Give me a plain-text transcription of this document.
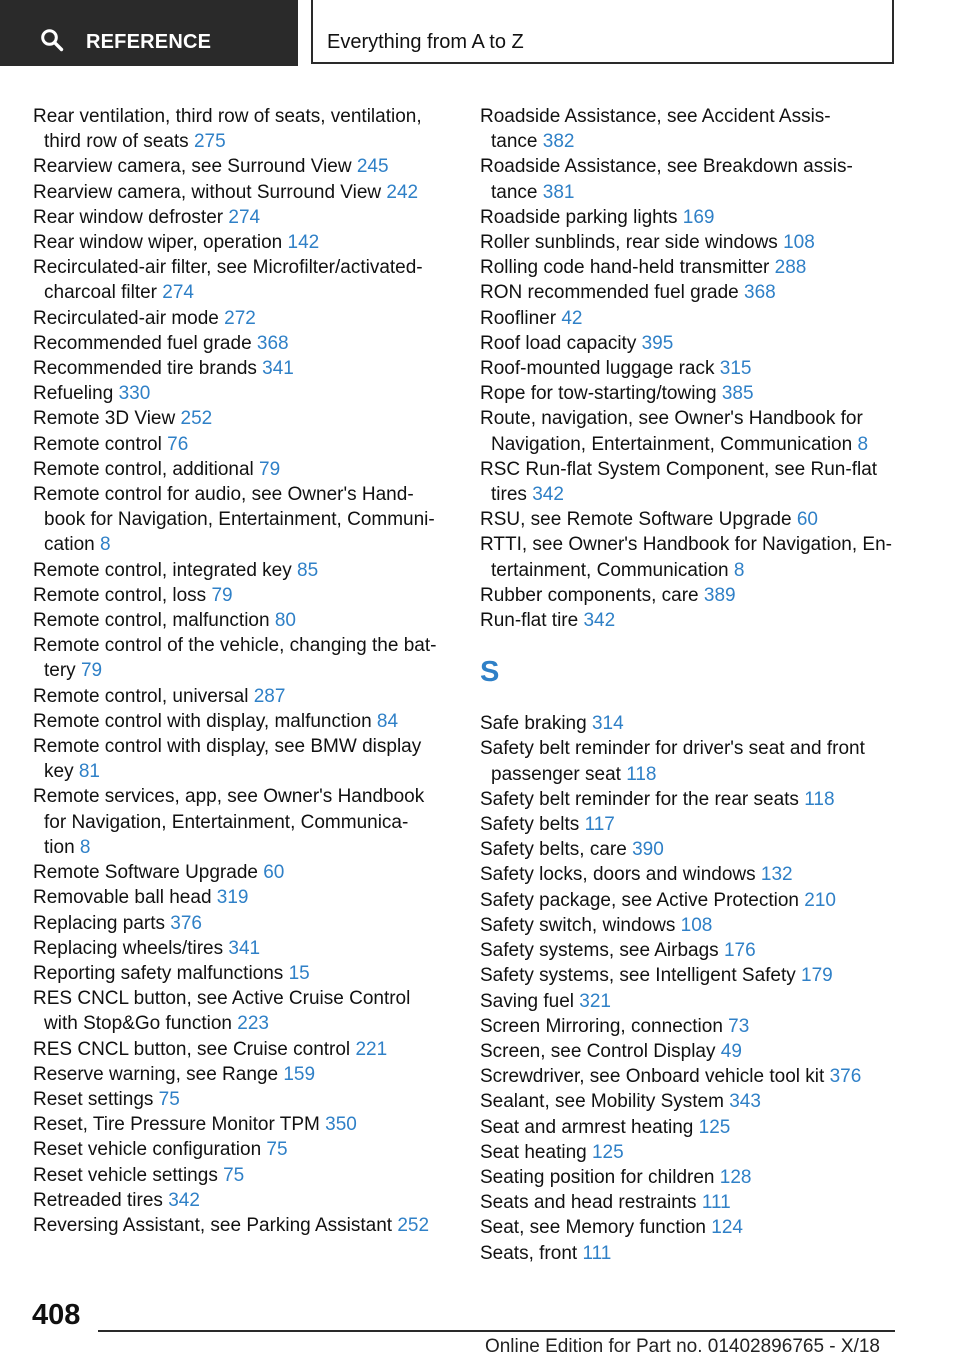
REFERENCE	Everything from A to Z
Rear ventilation, third row of seats, ventilation,
third row of seats 275
Rearview camera, see Surround View 245
Rearview camera, without Surround View 242
Rear window defroster 274
Rear window wiper, operation 142
Recirculated-air filter, see Microfilter/activated-
charcoal filter 274
Recirculated-air mode 272
Recommended fuel grade 368
Recommended tire brands 341
Refueling 330
Remote 3D View 252
Remote control 76
Remote control, additional 79
Remote control for audio, see Owner's Hand-
book for Navigation, Entertainment, Communi-
cation 8
Remote control, integrated key 85
Remote control, loss 79
Remote control, malfunction 80
Remote control of the vehicle, changing the bat-
tery 79
Remote control, universal 287
Remote control with display, malfunction 84
Remote control with display, see BMW display
key 81
Remote services, app, see Owner's Handbook
for Navigation, Entertainment, Communica-
tion 8
Remote Software Upgrade 60
Removable ball head 319
Replacing parts 376
Replacing wheels/tires 341
Reporting safety malfunctions 15
RES CNCL button, see Active Cruise Control
with Stop&Go function 223
RES CNCL button, see Cruise control 221
Reserve warning, see Range 159
Reset settings 75
Reset, Tire Pressure Monitor TPM 350
Reset vehicle configuration 75
Reset vehicle settings 75
Retreaded tires 342
Reversing Assistant, see Parking Assistant 252
Roadside Assistance, see Accident Assis-
tance 382
Roadside Assistance, see Breakdown assis-
tance 381
Roadside parking lights 169
Roller sunblinds, rear side windows 108
Rolling code hand-held transmitter 288
RON recommended fuel grade 368
Roofliner 42
Roof load capacity 395
Roof-mounted luggage rack 315
Rope for tow-starting/towing 385
Route, navigation, see Owner's Handbook for
Navigation, Entertainment, Communication 8
RSC Run-flat System Component, see Run-flat
tires 342
RSU, see Remote Software Upgrade 60
RTTI, see Owner's Handbook for Navigation, En-
tertainment, Communication 8
Rubber components, care 389
Run-flat tire 342
S
Safe braking 314
Safety belt reminder for driver's seat and front
passenger seat 118
Safety belt reminder for the rear seats 118
Safety belts 117
Safety belts, care 390
Safety locks, doors and windows 132
Safety package, see Active Protection 210
Safety switch, windows 108
Safety systems, see Airbags 176
Safety systems, see Intelligent Safety 179
Saving fuel 321
Screen Mirroring, connection 73
Screen, see Control Display 49
Screwdriver, see Onboard vehicle tool kit 376
Sealant, see Mobility System 343
Seat and armrest heating 125
Seat heating 125
Seating position for children 128
Seats and head restraints 111
Seat, see Memory function 124
Seats, front 111
408
Online Edition for Part no. 01402896765 - X/18
